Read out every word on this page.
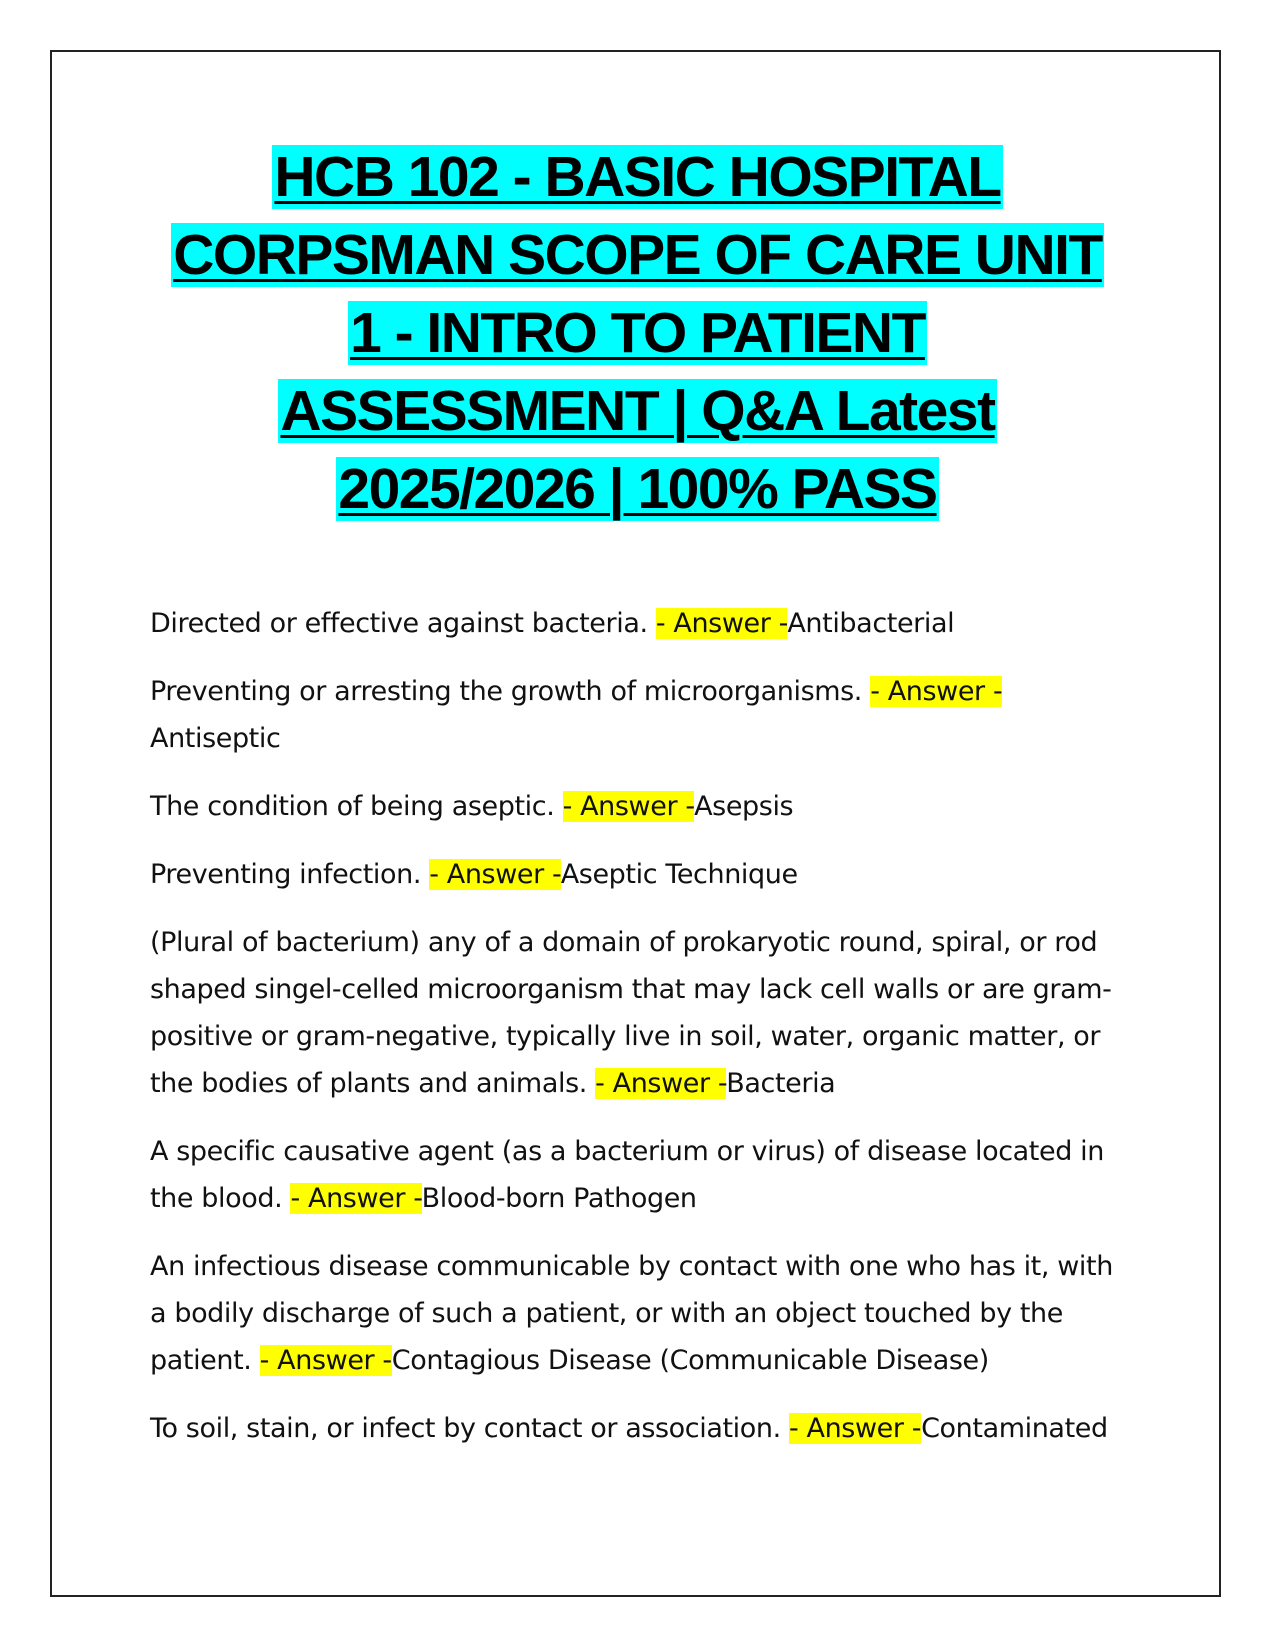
HCB 102 - BASIC HOSPITAL
CORPSMAN SCOPE OF CARE UNIT
1 - INTRO TO PATIENT
ASSESSMENT | Q&A Latest
2025/2026 | 100% PASS

Directed or effective against bacteria. - Answer -Antibacterial

Preventing or arresting the growth of microorganisms. - Answer -Antiseptic

The condition of being aseptic. - Answer -Asepsis

Preventing infection. - Answer -Aseptic Technique

(Plural of bacterium) any of a domain of prokaryotic round, spiral, or rod shaped singel-celled microorganism that may lack cell walls or are gram-positive or gram-negative, typically live in soil, water, organic matter, or the bodies of plants and animals. - Answer -Bacteria

A specific causative agent (as a bacterium or virus) of disease located in the blood. - Answer -Blood-born Pathogen

An infectious disease communicable by contact with one who has it, with a bodily discharge of such a patient, or with an object touched by the patient. - Answer -Contagious Disease (Communicable Disease)

To soil, stain, or infect by contact or association. - Answer -Contaminated
